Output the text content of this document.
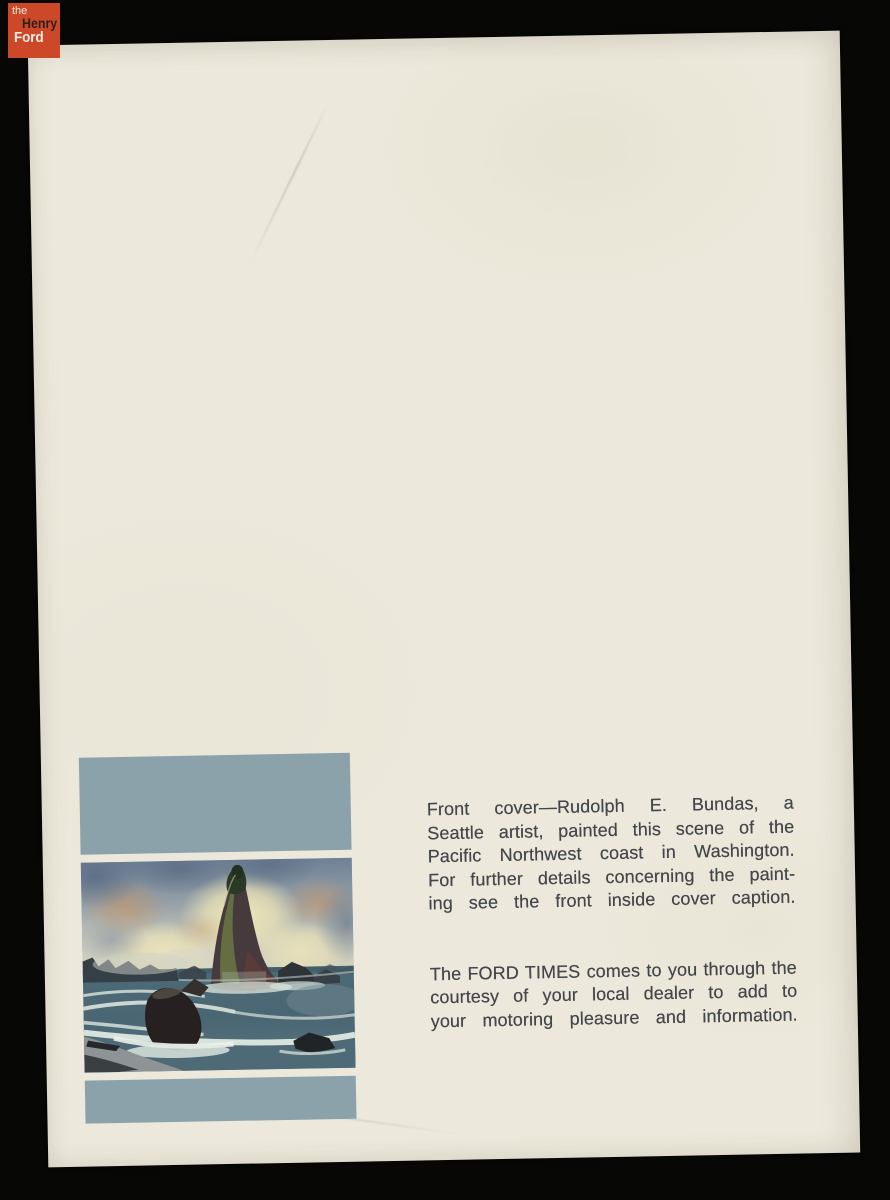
Front cover—Rudolph E. Bundas, a
Seattle artist, painted this scene of the
Pacific Northwest coast in Washington.
For further details concerning the paint-
ing see the front inside cover caption.
The FORD TIMES comes to you through the
courtesy of your local dealer to add to
your motoring pleasure and information.
the
Henry
Ford
